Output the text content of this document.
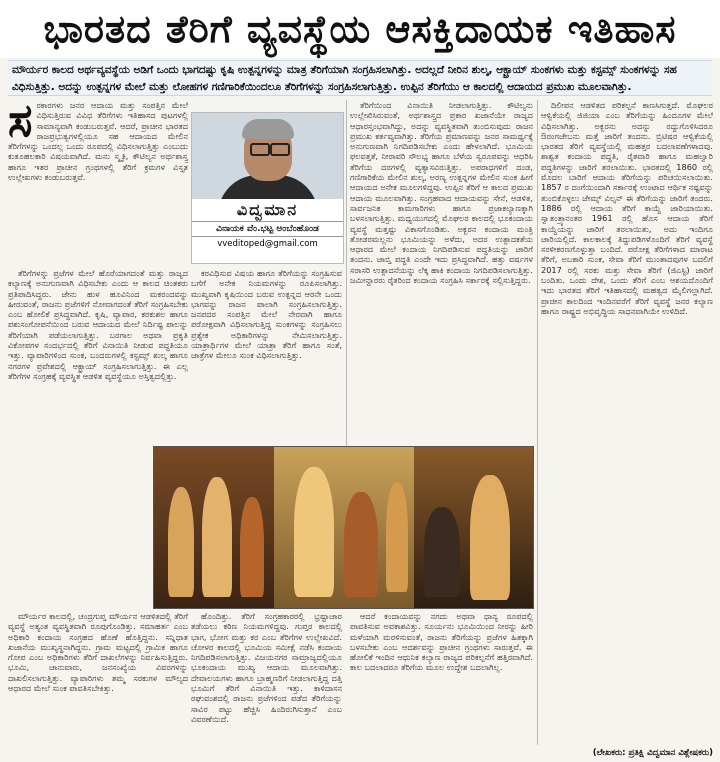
ಭಾರತದ ತೆರಿಗೆ ವ್ಯವಸ್ಥೆಯ ಆಸಕ್ತಿದಾಯಕ ಇತಿಹಾಸ
ಮೌರ್ಯರ ಕಾಲದ ಅರ್ಥವ್ಯವಸ್ಥೆಯ ಅಡಿಗೆ ಒಂದು ಭಾಗದಷ್ಟು ಕೃಷಿ ಉತ್ಪನ್ನಗಳನ್ನು ಮಾತ್ರ ತೆರಿಗೆಯಾಗಿ ಸಂಗ್ರಹಿಸಲಾಗಿತ್ತು. ಅದಲ್ಲದೆ ನೀರಿನ ಶುಲ್ಕ, ಆಕ್ಟ್ರಾಯ್ ಸುಂಕಗಳು ಮತ್ತು ಕಸ್ಟಮ್ಸ್ ಸುಂಕಗಳನ್ನು ಸಹ ವಿಧಿಸುತ್ತಿತ್ತು. ಅದನ್ನು ಉತ್ಪನ್ನಗಳ ಮೇಲೆ ಮತ್ತು ಲೋಹಗಳ ಗಣಿಗಾರಿಕೆಯಿಂದಲೂ ತೆರಿಗೆಗಳನ್ನು ಸಂಗ್ರಹಿಸಲಾಗುತ್ತಿತ್ತು. ಉಪ್ಪಿನ ತೆರಿಗೆಯು ಆ ಕಾಲದಲ್ಲಿ ಆದಾಯದ ಪ್ರಮುಖ ಮೂಲವಾಗಿತ್ತು.

ಸರಕಾರಗಳು ಜನರ ಆದಾಯ ಮತ್ತು ಸಂಪತ್ತಿನ ಮೇಲೆ ವಿಧಿಸುತ್ತಿರುವ ವಿವಿಧ ತೆರಿಗೆಗಳು ಇತಿಹಾಸದ ಪುಟಗಳಲ್ಲಿ ಸಾಮಾನ್ಯವಾಗಿ ಕಂಡುಬರುತ್ತವೆ. ಆದರೆ, ಪ್ರಾಚೀನ ಭಾರತದ ರಾಜಪ್ರಭುತ್ವಗಳಲ್ಲಿಯೂ ಸಹ ಆದಾಯದ ಮೇಲಿನ ತೆರಿಗೆಗಳನ್ನು ಒಂದಲ್ಲ ಒಂದು ರೂಪದಲ್ಲಿ ವಿಧಿಸಲಾಗುತ್ತಿತ್ತು ಎಂಬುದು ಕುತೂಹಲಕಾರಿ ವಿಷಯವಾಗಿದೆ. ಮನು ಸ್ಮೃತಿ, ಕೌಟಿಲ್ಯನ ಅರ್ಥಶಾಸ್ತ್ರ ಹಾಗೂ ಇತರ ಪ್ರಾಚೀನ ಗ್ರಂಥಗಳಲ್ಲಿ ತೆರಿಗೆ ಕ್ರಮಗಳ ವಿಸ್ತೃತ ಉಲ್ಲೇಖಗಳು ಕಂಡುಬರುತ್ತವೆ.

ವಿದ್ವಮಾನ
ವಿನಾಯಕ ವೆಂ.ಭಟ್ಟ ಅಂಬೆಂಹೊಂಡ
vveditoped@gmail.com

ತೆರಿಗೆಗಳನ್ನು ಪ್ರಜೆಗಳ ಮೇಲೆ ಹೊರೆಯಾಗದಂತೆ ಮತ್ತು ರಾಜ್ಯದ ಕಲ್ಯಾಣಕ್ಕೆ ಅನುಗುಣವಾಗಿ ವಿಧಿಸಬೇಕು ಎಂದು ಆ ಕಾಲದ ಚಿಂತಕರು ಪ್ರತಿಪಾದಿಸಿದ್ದರು. ಜೇನು ಹುಳ ಹೂವಿನಿಂದ ಮಕರಂದವನ್ನು ಹೀರುವಂತೆ, ರಾಜನು ಪ್ರಜೆಗಳಿಗೆ ನೋವಾಗದಂತೆ ತೆರಿಗೆ ಸಂಗ್ರಹಿಸಬೇಕು ಎಂಬ ಹೋಲಿಕೆ ಪ್ರಸಿದ್ಧವಾಗಿದೆ. ಕೃಷಿ, ವ್ಯಾಪಾರ, ಕರಕುಶಲ ಹಾಗೂ ಪಶುಸಂಗೋಪನೆಯಿಂದ ಬರುವ ಆದಾಯದ ಮೇಲೆ ನಿರ್ದಿಷ್ಟ ಪಾಲನ್ನು ತೆರಿಗೆಯಾಗಿ ಪಡೆಯಲಾಗುತ್ತಿತ್ತು. ಬರಗಾಲ ಅಥವಾ ಪ್ರಕೃತಿ ವಿಕೋಪಗಳ ಸಂದರ್ಭದಲ್ಲಿ ತೆರಿಗೆ ವಿನಾಯಿತಿ ನೀಡುವ ಪದ್ಧತಿಯೂ ಇತ್ತು. ವ್ಯಾಪಾರಿಗಳಿಂದ ಸುಂಕ, ಬಂದರುಗಳಲ್ಲಿ ಕಸ್ಟಮ್ಸ್ ಶುಲ್ಕ ಹಾಗೂ ನಗರಗಳ ಪ್ರವೇಶದಲ್ಲಿ ಆಕ್ಟ್ರಾಯ್ ಸಂಗ್ರಹಿಸಲಾಗುತ್ತಿತ್ತು. ಈ ಎಲ್ಲ ತೆರಿಗೆಗಳ ಸಂಗ್ರಹಕ್ಕೆ ವ್ಯವಸ್ಥಿತ ಆಡಳಿತ ವ್ಯವಸ್ಥೆಯೂ ಅಸ್ತಿತ್ವದಲ್ಲಿತ್ತು.

ಕರವಿಧಿಸುವ ವಿಷಯ ಹಾಗೂ ತೆರಿಗೆಯನ್ನು ಸಂಗ್ರಹಿಸುವ ಬಗೆಗೆ ಅನೇಕ ನಿಯಮಗಳನ್ನು ರೂಪಿಸಲಾಗಿತ್ತು. ಮುಖ್ಯವಾಗಿ ಕೃಷಿಯಿಂದ ಬರುವ ಉತ್ಪನ್ನದ ಆರನೇ ಒಂದು ಭಾಗವನ್ನು ರಾಜನ ಪಾಲಾಗಿ ಸಂಗ್ರಹಿಸಲಾಗುತ್ತಿತ್ತು. ಜನಪದರ ಸಂಪತ್ತಿನ ಮೇಲೆ ನೇರವಾಗಿ ಹಾಗೂ ಪರೋಕ್ಷವಾಗಿ ವಿಧಿಸಲಾಗುತ್ತಿದ್ದ ಸುಂಕಗಳನ್ನು ಸಂಗ್ರಹಿಸಲು ಪ್ರತ್ಯೇಕ ಅಧಿಕಾರಿಗಳನ್ನು ನೇಮಿಸಲಾಗುತ್ತಿತ್ತು. ಯಾತ್ರಾರ್ಥಿಗಳ ಮೇಲೆ ಯಾತ್ರಾ ತೆರಿಗೆ ಹಾಗೂ ಸಂತೆ, ಜಾತ್ರೆಗಳ ಮೇಲೂ ಸುಂಕ ವಿಧಿಸಲಾಗುತ್ತಿತ್ತು.

ತೆರಿಗೆಯಿಂದ ವಿನಾಯಿತಿ ನೀಡಲಾಗುತ್ತಿತ್ತು. ಕೌಟಿಲ್ಯನು ಉಲ್ಲೇಖಿಸಿರುವಂತೆ, ಅರ್ಥಶಾಸ್ತ್ರದ ಪ್ರಕಾರ ಖಜಾನೆಯೇ ರಾಜ್ಯದ ಆಧಾರಸ್ತಂಭವಾಗಿದ್ದು, ಅದನ್ನು ವ್ಯವಸ್ಥಿತವಾಗಿ ತುಂಬಿಸುವುದು ರಾಜನ ಪ್ರಮುಖ ಕರ್ತವ್ಯವಾಗಿತ್ತು. ತೆರಿಗೆಯ ಪ್ರಮಾಣವನ್ನು ಜನರ ಸಾಮರ್ಥ್ಯಕ್ಕೆ ಅನುಗುಣವಾಗಿ ನಿಗದಿಪಡಿಸಬೇಕು ಎಂದು ಹೇಳಲಾಗಿದೆ. ಭೂಮಿಯ ಫಲವತ್ತತೆ, ನೀರಾವರಿ ಸೌಲಭ್ಯ ಹಾಗೂ ಬೆಳೆಯ ಸ್ವರೂಪವನ್ನು ಆಧರಿಸಿ ತೆರಿಗೆಯ ದರಗಳಲ್ಲಿ ವ್ಯತ್ಯಾಸವಿರುತ್ತಿತ್ತು. ಅಪರಾಧಗಳಿಗೆ ದಂಡ, ಗಣಿಗಾರಿಕೆಯ ಮೇಲಿನ ಶುಲ್ಕ, ಅರಣ್ಯ ಉತ್ಪನ್ನಗಳ ಮೇಲಿನ ಸುಂಕ ಹೀಗೆ ಆದಾಯದ ಅನೇಕ ಮೂಲಗಳಿದ್ದವು. ಉಪ್ಪಿನ ತೆರಿಗೆ ಆ ಕಾಲದ ಪ್ರಮುಖ ಆದಾಯ ಮೂಲವಾಗಿತ್ತು. ಸಂಗ್ರಹವಾದ ಆದಾಯವನ್ನು ಸೇನೆ, ಆಡಳಿತ, ಸಾರ್ವಜನಿಕ ಕಾಮಗಾರಿಗಳು ಹಾಗೂ ಪ್ರಜಾಕಲ್ಯಾಣಕ್ಕಾಗಿ ಬಳಸಲಾಗುತ್ತಿತ್ತು. ಮಧ್ಯಯುಗದಲ್ಲಿ ಮೊಘಲರ ಕಾಲದಲ್ಲಿ ಭೂಕಂದಾಯ ವ್ಯವಸ್ಥೆ ಮತ್ತಷ್ಟು ವಿಕಾಸಗೊಂಡಿತು. ಅಕ್ಬರನ ಕಂದಾಯ ಮಂತ್ರಿ ತೋಡರಮಲ್ಲನು ಭೂಮಿಯನ್ನು ಅಳೆದು, ಅದರ ಉತ್ಪಾದಕತೆಯ ಆಧಾರದ ಮೇಲೆ ಕಂದಾಯ ನಿಗದಿಪಡಿಸುವ ಪದ್ಧತಿಯನ್ನು ಜಾರಿಗೆ ತಂದನು. ಜಾಬ್ತಿ ಪದ್ಧತಿ ಎಂದೇ ಇದು ಪ್ರಸಿದ್ಧವಾಗಿದೆ. ಹತ್ತು ವರ್ಷಗಳ ಸರಾಸರಿ ಉತ್ಪಾದನೆಯನ್ನು ಲೆಕ್ಕ ಹಾಕಿ ಕಂದಾಯ ನಿಗದಿಪಡಿಸಲಾಗುತ್ತಿತ್ತು. ಜಮೀನ್ದಾರರು ರೈತರಿಂದ ಕಂದಾಯ ಸಂಗ್ರಹಿಸಿ ಸರ್ಕಾರಕ್ಕೆ ಸಲ್ಲಿಸುತ್ತಿದ್ದರು.

ದಿಲೀಪನ ಆಡಳಿತದ ಪರಿಕಲ್ಪನೆ ಕಾಣಸಿಗುತ್ತದೆ. ಮೊಘಲರ ಆಳ್ವಿಕೆಯಲ್ಲಿ ಜಿಜಿಯಾ ಎಂಬ ತೆರಿಗೆಯನ್ನು ಹಿಂದೂಗಳ ಮೇಲೆ ವಿಧಿಸಲಾಗಿತ್ತು. ಅಕ್ಬರನು ಅದನ್ನು ರದ್ದುಗೊಳಿಸಿದರೂ ಔರಂಗಜೇಬನು ಮತ್ತೆ ಜಾರಿಗೆ ತಂದನು. ಬ್ರಿಟಿಷರ ಆಳ್ವಿಕೆಯಲ್ಲಿ ಭಾರತದ ತೆರಿಗೆ ವ್ಯವಸ್ಥೆಯಲ್ಲಿ ಮಹತ್ತರ ಬದಲಾವಣೆಗಳಾದವು. ಶಾಶ್ವತ ಕಂದಾಯ ಪದ್ಧತಿ, ರೈತವಾರಿ ಹಾಗೂ ಮಹಲ್ವಾರಿ ಪದ್ಧತಿಗಳನ್ನು ಜಾರಿಗೆ ತರಲಾಯಿತು. ಭಾರತದಲ್ಲಿ 1860 ರಲ್ಲಿ ಮೊದಲ ಬಾರಿಗೆ ಆದಾಯ ತೆರಿಗೆಯನ್ನು ಪರಿಚಯಿಸಲಾಯಿತು. 1857 ರ ದಂಗೆಯಿಂದಾಗಿ ಸರ್ಕಾರಕ್ಕೆ ಉಂಟಾದ ಆರ್ಥಿಕ ನಷ್ಟವನ್ನು ತುಂಬಿಕೊಳ್ಳಲು ಜೇಮ್ಸ್ ವಿಲ್ಸನ್ ಈ ತೆರಿಗೆಯನ್ನು ಜಾರಿಗೆ ತಂದರು. 1886 ರಲ್ಲಿ ಆದಾಯ ತೆರಿಗೆ ಕಾಯ್ದೆ ಜಾರಿಯಾಯಿತು. ಸ್ವಾತಂತ್ರ್ಯಾನಂತರ 1961 ರಲ್ಲಿ ಹೊಸ ಆದಾಯ ತೆರಿಗೆ ಕಾಯ್ದೆಯನ್ನು ಜಾರಿಗೆ ತರಲಾಯಿತು, ಅದು ಇಂದಿಗೂ ಜಾರಿಯಲ್ಲಿದೆ. ಕಾಲಕಾಲಕ್ಕೆ ತಿದ್ದುಪಡಿಗಳೊಂದಿಗೆ ತೆರಿಗೆ ವ್ಯವಸ್ಥೆ ಸರಳೀಕರಣಗೊಳ್ಳುತ್ತಾ ಬಂದಿದೆ. ಪರೋಕ್ಷ ತೆರಿಗೆಗಳಾದ ಮಾರಾಟ ತೆರಿಗೆ, ಅಬಕಾರಿ ಸುಂಕ, ಸೇವಾ ತೆರಿಗೆ ಮುಂತಾದವುಗಳ ಬದಲಿಗೆ 2017 ರಲ್ಲಿ ಸರಕು ಮತ್ತು ಸೇವಾ ತೆರಿಗೆ (ಜಿಎಸ್ಟಿ) ಜಾರಿಗೆ ಬಂದಿತು. ಒಂದು ದೇಶ, ಒಂದು ತೆರಿಗೆ ಎಂಬ ಆಶಯದೊಂದಿಗೆ ಇದು ಭಾರತದ ತೆರಿಗೆ ಇತಿಹಾಸದಲ್ಲಿ ಮಹತ್ವದ ಮೈಲಿಗಲ್ಲಾಗಿದೆ. ಪ್ರಾಚೀನ ಕಾಲದಿಂದ ಇಂದಿನವರೆಗೆ ತೆರಿಗೆ ವ್ಯವಸ್ಥೆ ಜನರ ಕಲ್ಯಾಣ ಹಾಗೂ ರಾಷ್ಟ್ರದ ಅಭಿವೃದ್ಧಿಯ ಸಾಧನವಾಗಿಯೇ ಉಳಿದಿದೆ.

ಮೌರ್ಯರ ಕಾಲದಲ್ಲಿ, ಚಂದ್ರಗುಪ್ತ ಮೌರ್ಯನ ಆಡಳಿತದಲ್ಲಿ ತೆರಿಗೆ ವ್ಯವಸ್ಥೆ ಅತ್ಯಂತ ವ್ಯವಸ್ಥಿತವಾಗಿ ರೂಪುಗೊಂಡಿತ್ತು. ಸಮಾಹರ್ತ ಎಂಬ ಅಧಿಕಾರಿ ಕಂದಾಯ ಸಂಗ್ರಹದ ಹೊಣೆ ಹೊತ್ತಿದ್ದನು. ಸನ್ನಿಧಾತ ಖಜಾನೆಯ ಮುಖ್ಯಸ್ಥನಾಗಿದ್ದನು. ಗ್ರಾಮ ಮಟ್ಟದಲ್ಲಿ ಗ್ರಾಮಿಕ ಹಾಗೂ ಗೋಪ ಎಂಬ ಅಧಿಕಾರಿಗಳು ತೆರಿಗೆ ದಾಖಲೆಗಳನ್ನು ನಿರ್ವಹಿಸುತ್ತಿದ್ದರು. ಭೂಮಿ, ಜಾನುವಾರು, ಜನಸಂಖ್ಯೆಯ ವಿವರಗಳನ್ನು ದಾಖಲಿಸಲಾಗುತ್ತಿತ್ತು. ವ್ಯಾಪಾರಿಗಳು ತಮ್ಮ ಸರಕುಗಳ ಮೌಲ್ಯದ ಆಧಾರದ ಮೇಲೆ ಸುಂಕ ಪಾವತಿಸಬೇಕಿತ್ತು.

ಹೊಂದಿತ್ತು. ತೆರಿಗೆ ಸಂಗ್ರಹಕಾರರಲ್ಲಿ ಭ್ರಷ್ಟಾಚಾರ ತಡೆಯಲು ಕಠಿಣ ನಿಯಮಗಳಿದ್ದವು. ಗುಪ್ತರ ಕಾಲದಲ್ಲಿ ಭಾಗ, ಭೋಗ ಮತ್ತು ಕರ ಎಂಬ ತೆರಿಗೆಗಳ ಉಲ್ಲೇಖವಿದೆ. ಚೋಳರ ಕಾಲದಲ್ಲಿ ಭೂಮಿಯ ಸಮೀಕ್ಷೆ ನಡೆಸಿ ಕಂದಾಯ ನಿಗದಿಪಡಿಸಲಾಗುತ್ತಿತ್ತು. ವಿಜಯನಗರ ಸಾಮ್ರಾಜ್ಯದಲ್ಲಿಯೂ ಭೂಕಂದಾಯ ಮುಖ್ಯ ಆದಾಯ ಮೂಲವಾಗಿತ್ತು. ದೇವಾಲಯಗಳು ಹಾಗೂ ಬ್ರಾಹ್ಮಣರಿಗೆ ನೀಡಲಾಗುತ್ತಿದ್ದ ದತ್ತಿ ಭೂಮಿಗೆ ತೆರಿಗೆ ವಿನಾಯಿತಿ ಇತ್ತು. ಕಾಳಿದಾಸನ ರಘುವಂಶದಲ್ಲಿ ರಾಜನು ಪ್ರಜೆಗಳಿಂದ ಪಡೆದ ತೆರಿಗೆಯನ್ನು ಸಾವಿರ ಪಟ್ಟು ಹೆಚ್ಚಿಸಿ ಹಿಂದಿರುಗಿಸುತ್ತಾನೆ ಎಂಬ ವಿವರಣೆಯಿದೆ.

ಆದರೆ ಕಂದಾಯವನ್ನು ನಗದು ಅಥವಾ ಧಾನ್ಯ ರೂಪದಲ್ಲಿ ಪಾವತಿಸುವ ಅವಕಾಶವಿತ್ತು. ಸೂರ್ಯನು ಭೂಮಿಯಿಂದ ನೀರನ್ನು ಹೀರಿ ಮಳೆಯಾಗಿ ಮರಳಿಸುವಂತೆ, ರಾಜನು ತೆರಿಗೆಯನ್ನು ಪ್ರಜೆಗಳ ಹಿತಕ್ಕಾಗಿ ಬಳಸಬೇಕು ಎಂಬ ಆದರ್ಶವನ್ನು ಪ್ರಾಚೀನ ಗ್ರಂಥಗಳು ಸಾರುತ್ತವೆ. ಈ ಹೋಲಿಕೆ ಇಂದಿನ ಆಧುನಿಕ ಕಲ್ಯಾಣ ರಾಜ್ಯದ ಪರಿಕಲ್ಪನೆಗೆ ಹತ್ತಿರವಾಗಿದೆ. ಕಾಲ ಬದಲಾದರೂ ತೆರಿಗೆಯ ಮೂಲ ಉದ್ದೇಶ ಬದಲಾಗಿಲ್ಲ.

(ಲೇಖಕರು: ಪ್ರತಿಕ್ಷಿ ವಿದ್ವಮಾನ ವಿಶ್ಲೇಷಕರು)
